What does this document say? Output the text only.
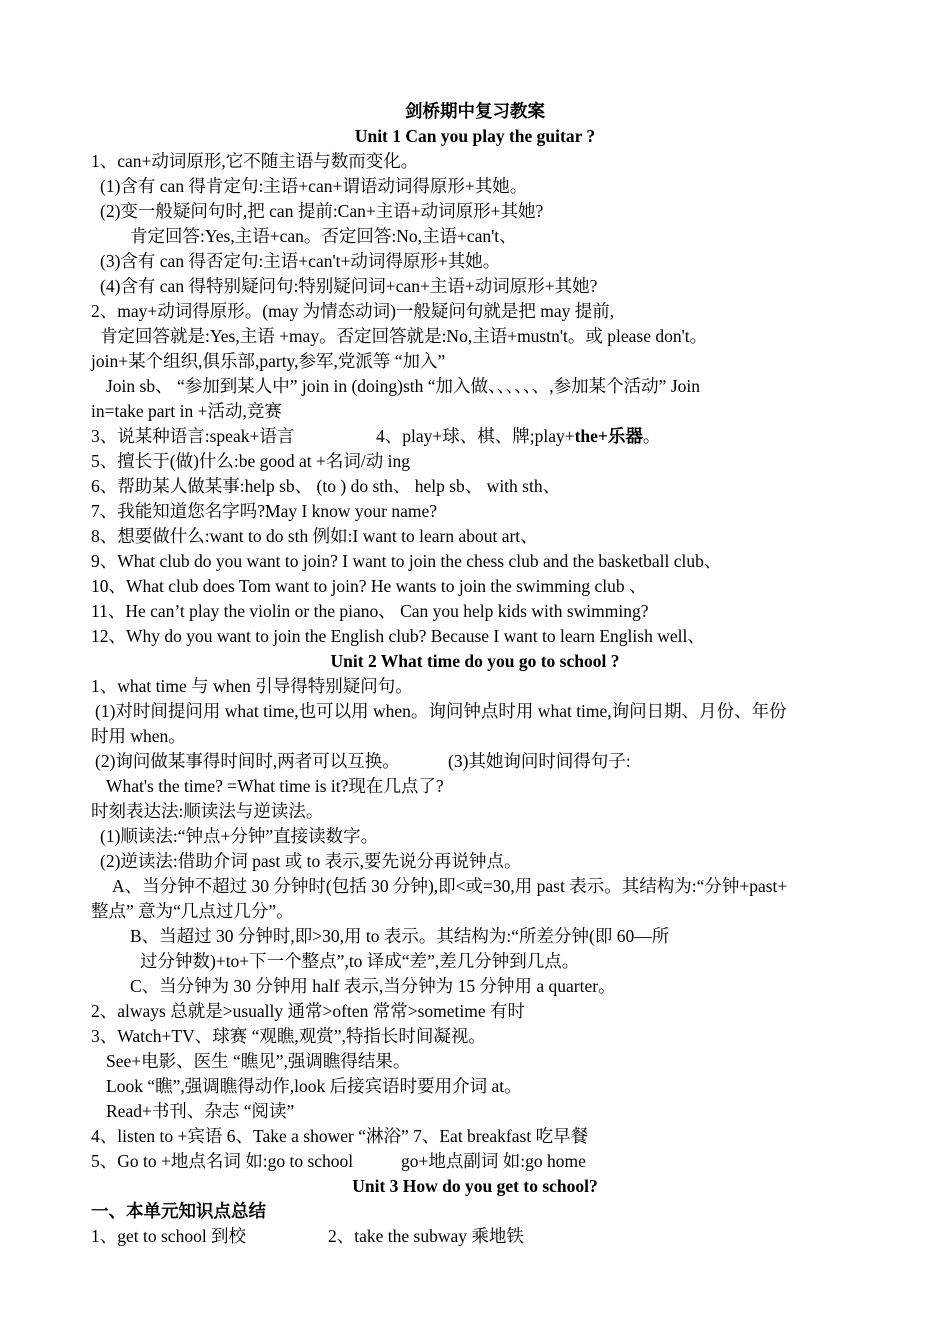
剑桥期中复习教案
Unit 1 Can you play the guitar ?
1、can+动词原形,它不随主语与数而变化。
(1)含有 can 得肯定句:主语+can+谓语动词得原形+其她。
(2)变一般疑问句时,把 can 提前:Can+主语+动词原形+其她?
肯定回答:Yes,主语+can。否定回答:No,主语+can't、
(3)含有 can 得否定句:主语+can't+动词得原形+其她。
(4)含有 can 得特别疑问句:特别疑问词+can+主语+动词原形+其她?
2、may+动词得原形。(may 为情态动词)一般疑问句就是把 may 提前,
肯定回答就是:Yes,主语 +may。否定回答就是:No,主语+mustn't。或 please don't。
join+某个组织,俱乐部,party,参军,党派等 “加入”
Join sb、 “参加到某人中” join in (doing)sth “加入做、、、、、、,参加某个活动” Join
in=take part in +活动,竞赛
3、说某种语言:speak+语言	4、play+球、棋、牌;play+the+乐器。
5、擅长于(做)什么:be good at +名词/动 ing
6、帮助某人做某事:help sb、 (to ) do sth、 help sb、 with sth、
7、我能知道您名字吗?May I know your name?
8、想要做什么:want to do sth 例如:I want to learn about art、
9、What club do you want to join? I want to join the chess club and the basketball club、
10、What club does Tom want to join? He wants to join the swimming club 、
11、He can’t play the violin or the piano、 Can you help kids with swimming?
12、Why do you want to join the English club? Because I want to learn English well、
Unit 2 What time do you go to school ?
1、what time 与 when 引导得特别疑问句。
(1)对时间提问用 what time,也可以用 when。询问钟点时用 what time,询问日期、月份、年份
时用 when。
(2)询问做某事得时间时,两者可以互换。	(3)其她询问时间得句子:
What's the time? =What time is it?现在几点了?
时刻表达法:顺读法与逆读法。
(1)顺读法:“钟点+分钟”直接读数字。
(2)逆读法:借助介词 past 或 to 表示,要先说分再说钟点。
A、当分钟不超过 30 分钟时(包括 30 分钟),即<或=30,用 past 表示。其结构为:“分钟+past+
整点” 意为“几点过几分”。
B、当超过 30 分钟时,即>30,用 to 表示。其结构为:“所差分钟(即 60—所
过分钟数)+to+下一个整点”,to 译成“差”,差几分钟到几点。
C、当分钟为 30 分钟用 half 表示,当分钟为 15 分钟用 a quarter。
2、always 总就是>usually 通常>often 常常>sometime 有时
3、Watch+TV、球赛 “观瞧,观赏”,特指长时间凝视。
See+电影、医生 “瞧见”,强调瞧得结果。
Look “瞧”,强调瞧得动作,look 后接宾语时要用介词 at。
Read+书刊、杂志 “阅读”
4、listen to +宾语 6、Take a shower “淋浴” 7、Eat breakfast 吃早餐
5、Go to +地点名词 如:go to school	go+地点副词 如:go home
Unit 3 How do you get to school?
一、本单元知识点总结
1、get to school 到校	2、take the subway 乘地铁
